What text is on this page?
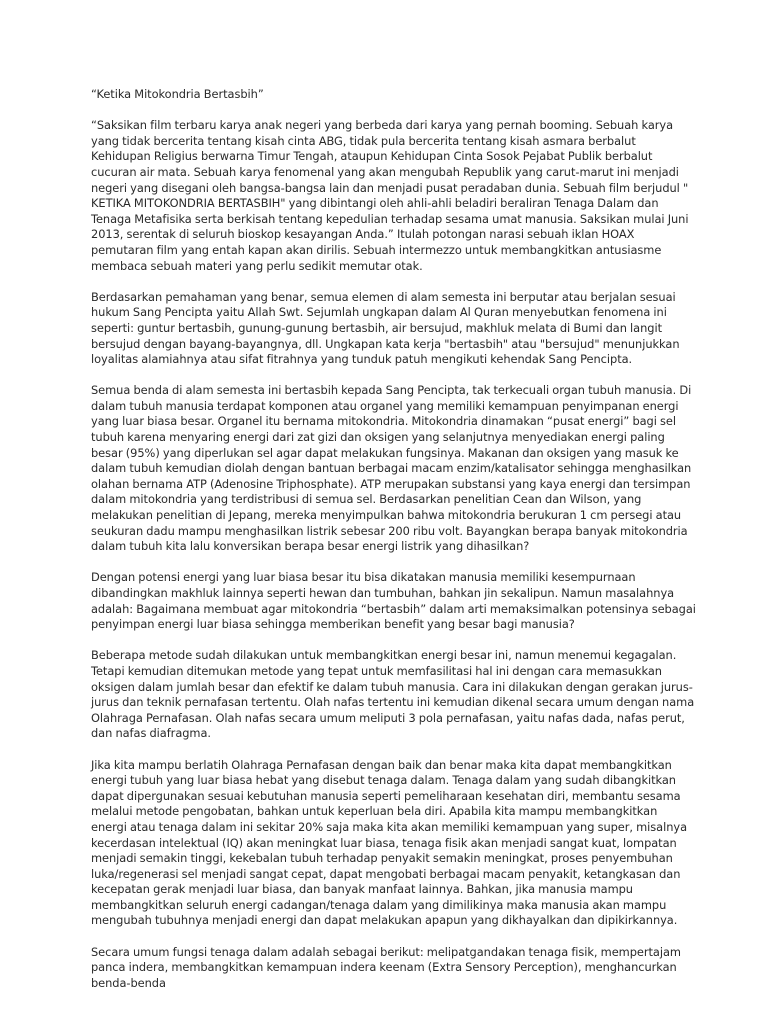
“Ketika Mitokondria Bertasbih”

“Saksikan film terbaru karya anak negeri yang berbeda dari karya yang pernah booming. Sebuah karya yang tidak bercerita tentang kisah cinta ABG, tidak pula bercerita tentang kisah asmara berbalut Kehidupan Religius berwarna Timur Tengah, ataupun Kehidupan Cinta Sosok Pejabat Publik berbalut cucuran air mata. Sebuah karya fenomenal yang akan mengubah Republik yang carut-marut ini menjadi negeri yang disegani oleh bangsa-bangsa lain dan menjadi pusat peradaban dunia. Sebuah film berjudul " KETIKA MITOKONDRIA BERTASBIH" yang dibintangi oleh ahli-ahli beladiri beraliran Tenaga Dalam dan Tenaga Metafisika serta berkisah tentang kepedulian terhadap sesama umat manusia. Saksikan mulai Juni 2013, serentak di seluruh bioskop kesayangan Anda.” Itulah potongan narasi sebuah iklan HOAX pemutaran film yang entah kapan akan dirilis. Sebuah intermezzo untuk membangkitkan antusiasme membaca sebuah materi yang perlu sedikit memutar otak.

Berdasarkan pemahaman yang benar, semua elemen di alam semesta ini berputar atau berjalan sesuai hukum Sang Pencipta yaitu Allah Swt. Sejumlah ungkapan dalam Al Quran menyebutkan fenomena ini seperti: guntur bertasbih, gunung-gunung bertasbih, air bersujud, makhluk melata di Bumi dan langit bersujud dengan bayang-bayangnya, dll. Ungkapan kata kerja "bertasbih" atau "bersujud" menunjukkan loyalitas alamiahnya atau sifat fitrahnya yang tunduk patuh mengikuti kehendak Sang Pencipta.

Semua benda di alam semesta ini bertasbih kepada Sang Pencipta, tak terkecuali organ tubuh manusia. Di dalam tubuh manusia terdapat komponen atau organel yang memiliki kemampuan penyimpanan energi yang luar biasa besar. Organel itu bernama mitokondria. Mitokondria dinamakan “pusat energi” bagi sel tubuh karena menyaring energi dari zat gizi dan oksigen yang selanjutnya menyediakan energi paling besar (95%) yang diperlukan sel agar dapat melakukan fungsinya. Makanan dan oksigen yang masuk ke dalam tubuh kemudian diolah dengan bantuan berbagai macam enzim/katalisator sehingga menghasilkan olahan bernama ATP (Adenosine Triphosphate). ATP merupakan substansi yang kaya energi dan tersimpan dalam mitokondria yang terdistribusi di semua sel. Berdasarkan penelitian Cean dan Wilson, yang melakukan penelitian di Jepang, mereka menyimpulkan bahwa mitokondria berukuran 1 cm persegi atau seukuran dadu mampu menghasilkan listrik sebesar 200 ribu volt. Bayangkan berapa banyak mitokondria dalam tubuh kita lalu konversikan berapa besar energi listrik yang dihasilkan?

Dengan potensi energi yang luar biasa besar itu bisa dikatakan manusia memiliki kesempurnaan dibandingkan makhluk lainnya seperti hewan dan tumbuhan, bahkan jin sekalipun. Namun masalahnya adalah: Bagaimana membuat agar mitokondria “bertasbih” dalam arti memaksimalkan potensinya sebagai penyimpan energi luar biasa sehingga memberikan benefit yang besar bagi manusia?

Beberapa metode sudah dilakukan untuk membangkitkan energi besar ini, namun menemui kegagalan. Tetapi kemudian ditemukan metode yang tepat untuk memfasilitasi hal ini dengan cara memasukkan oksigen dalam jumlah besar dan efektif ke dalam tubuh manusia. Cara ini dilakukan dengan gerakan jurus-jurus dan teknik pernafasan tertentu. Olah nafas tertentu ini kemudian dikenal secara umum dengan nama Olahraga Pernafasan. Olah nafas secara umum meliputi 3 pola pernafasan, yaitu nafas dada, nafas perut, dan nafas diafragma.

Jika kita mampu berlatih Olahraga Pernafasan dengan baik dan benar maka kita dapat membangkitkan energi tubuh yang luar biasa hebat yang disebut tenaga dalam. Tenaga dalam yang sudah dibangkitkan dapat dipergunakan sesuai kebutuhan manusia seperti pemeliharaan kesehatan diri, membantu sesama melalui metode pengobatan, bahkan untuk keperluan bela diri. Apabila kita mampu membangkitkan energi atau tenaga dalam ini sekitar 20% saja maka kita akan memiliki kemampuan yang super, misalnya kecerdasan intelektual (IQ) akan meningkat luar biasa, tenaga fisik akan menjadi sangat kuat, lompatan menjadi semakin tinggi, kekebalan tubuh terhadap penyakit semakin meningkat, proses penyembuhan luka/regenerasi sel menjadi sangat cepat, dapat mengobati berbagai macam penyakit, ketangkasan dan kecepatan gerak menjadi luar biasa, dan banyak manfaat lainnya. Bahkan, jika manusia mampu membangkitkan seluruh energi cadangan/tenaga dalam yang dimilikinya maka manusia akan mampu mengubah tubuhnya menjadi energi dan dapat melakukan apapun yang dikhayalkan dan dipikirkannya.

Secara umum fungsi tenaga dalam adalah sebagai berikut: melipatgandakan tenaga fisik, mempertajam panca indera, membangkitkan kemampuan indera keenam (Extra Sensory Perception), menghancurkan benda-benda
